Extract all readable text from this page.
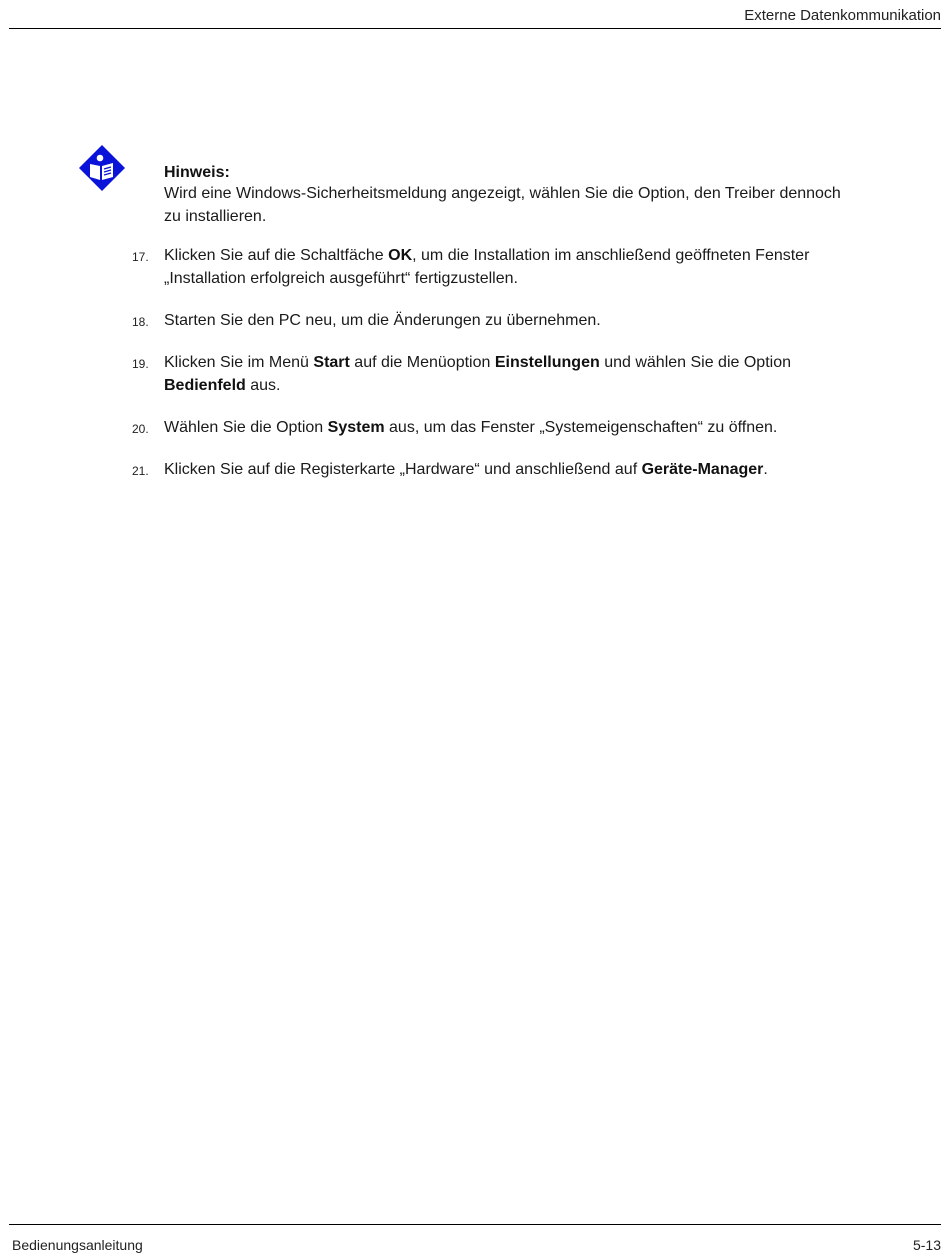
Externe Datenkommunikation
Hinweis:
Wird eine Windows-Sicherheitsmeldung angezeigt, wählen Sie die Option, den Treiber dennoch zu installieren.
17. Klicken Sie auf die Schaltfäche OK, um die Installation im anschließend geöffneten Fenster „Installation erfolgreich ausgeführt“ fertigzustellen.
18. Starten Sie den PC neu, um die Änderungen zu übernehmen.
19. Klicken Sie im Menü Start auf die Menüoption Einstellungen und wählen Sie die Option Bedienfeld aus.
20. Wählen Sie die Option System aus, um das Fenster „Systemeigenschaften“ zu öffnen.
21. Klicken Sie auf die Registerkarte „Hardware“ und anschließend auf Geräte-Manager.
Bedienungsanleitung	5-13
